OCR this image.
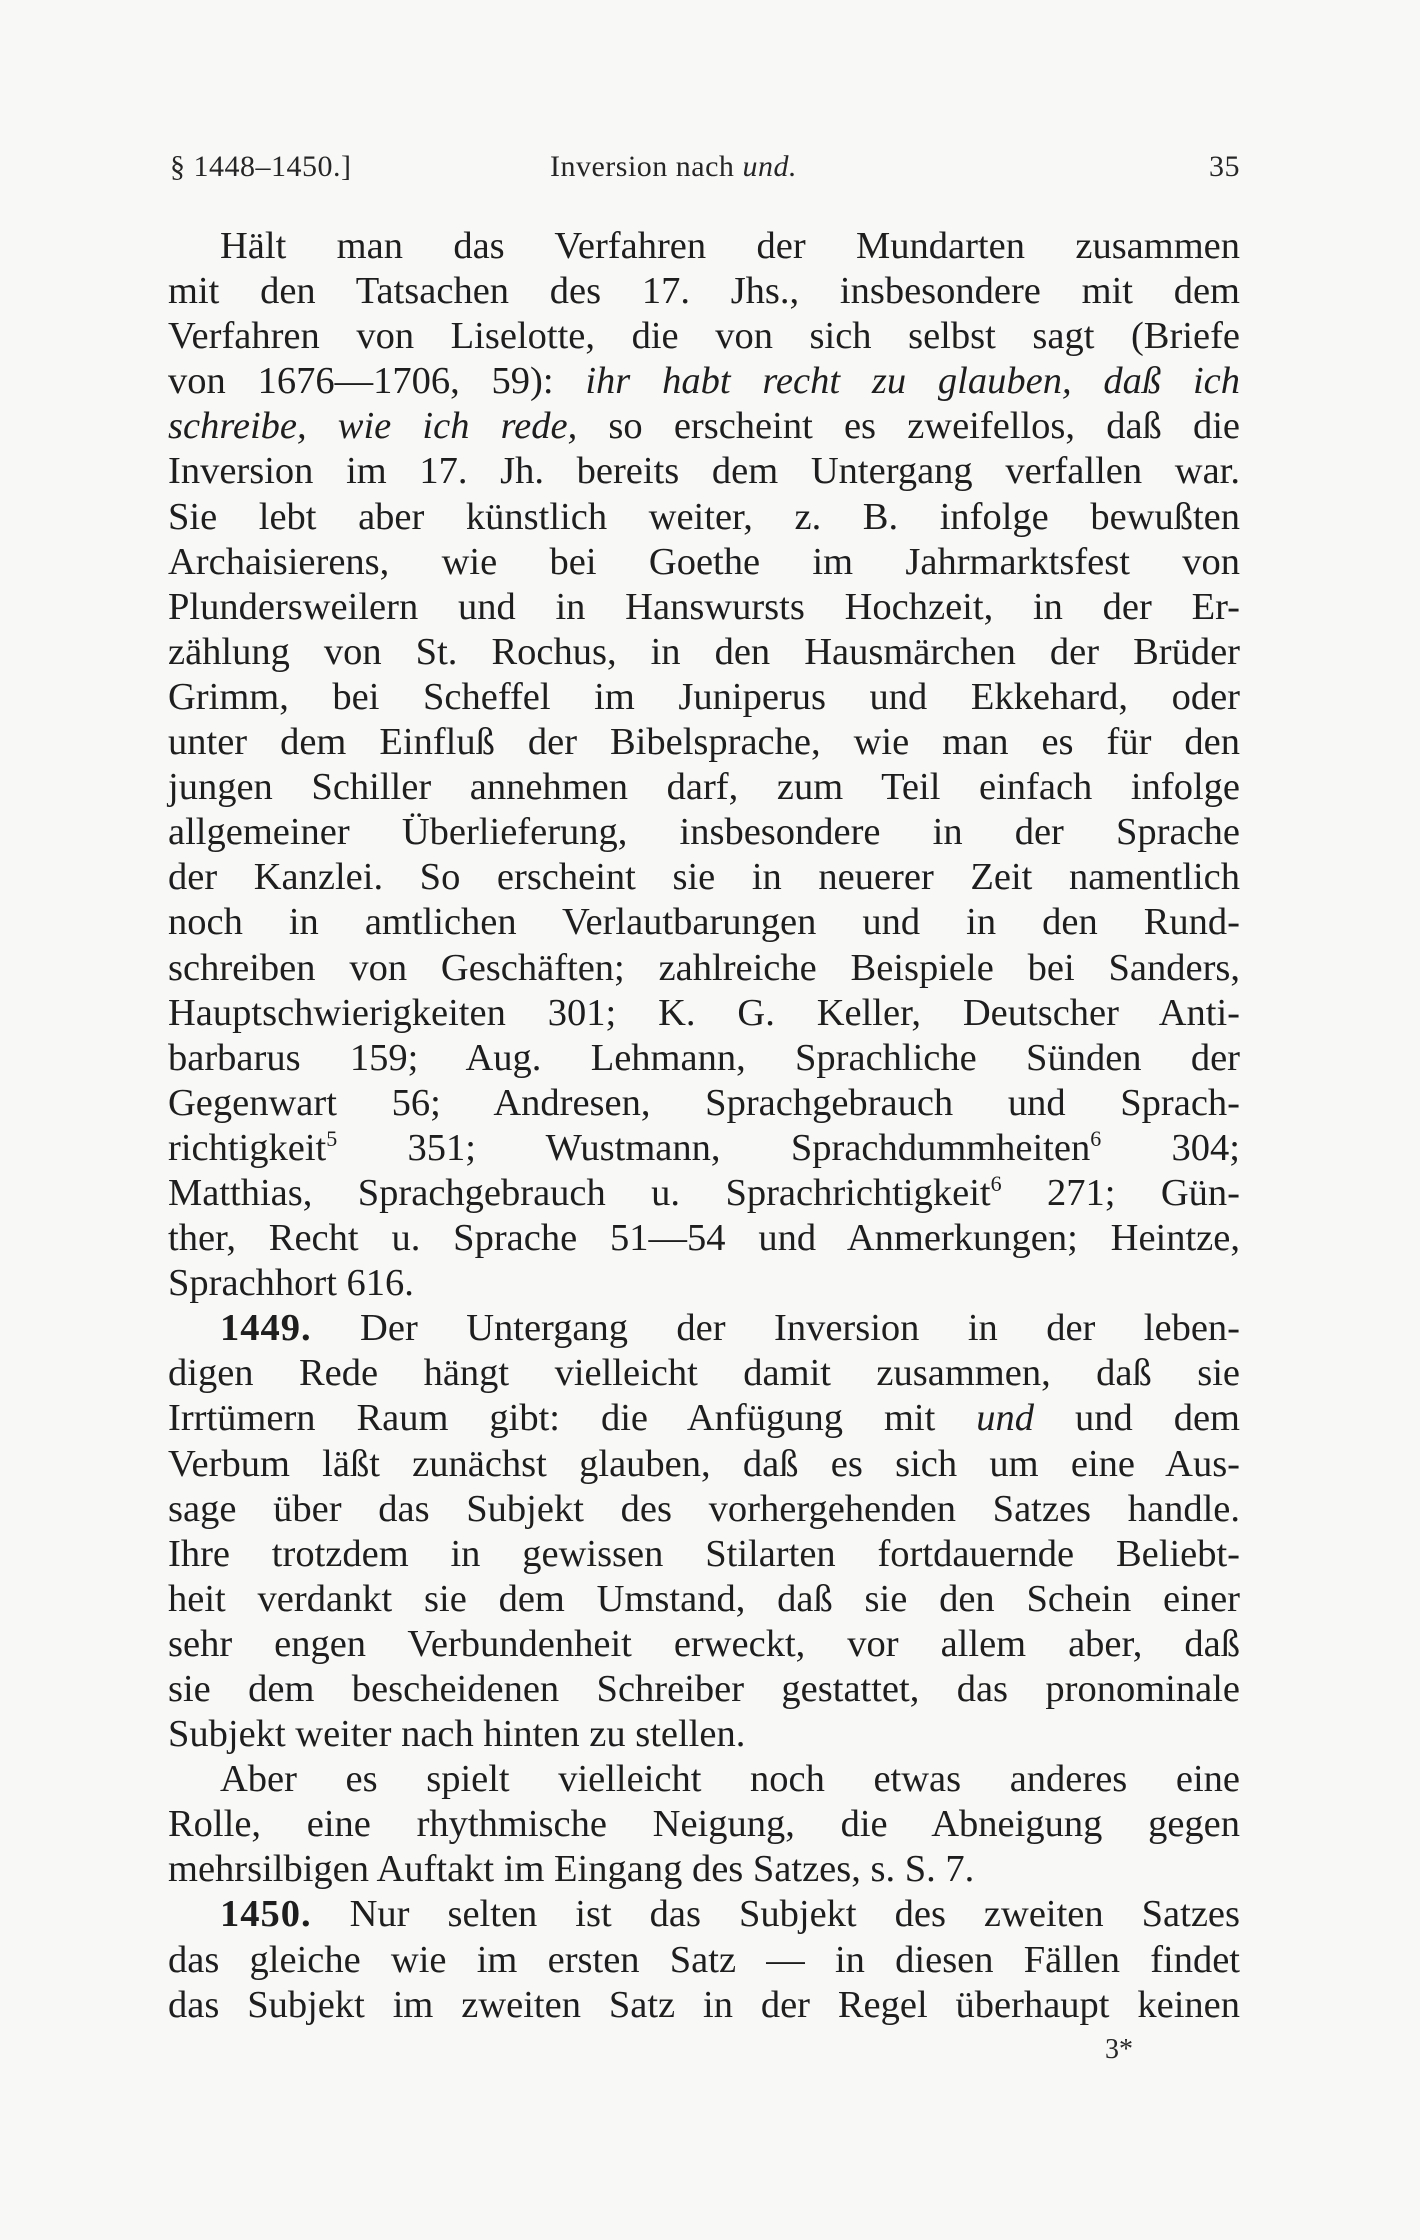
§ 1448–1450.]	Inversion nach und.	35
Hält man das Verfahren der Mundarten zusammen
mit den Tatsachen des 17. Jhs., insbesondere mit dem
Verfahren von Liselotte, die von sich selbst sagt (Briefe
von 1676—1706, 59): ihr habt recht zu glauben, daß ich
schreibe, wie ich rede, so erscheint es zweifellos, daß die
Inversion im 17. Jh. bereits dem Untergang verfallen war.
Sie lebt aber künstlich weiter, z. B. infolge bewußten
Archaisierens, wie bei Goethe im Jahrmarktsfest von
Plundersweilern und in Hanswursts Hochzeit, in der Er-
zählung von St. Rochus, in den Hausmärchen der Brüder
Grimm, bei Scheffel im Juniperus und Ekkehard, oder
unter dem Einfluß der Bibelsprache, wie man es für den
jungen Schiller annehmen darf, zum Teil einfach infolge
allgemeiner Überlieferung, insbesondere in der Sprache
der Kanzlei. So erscheint sie in neuerer Zeit namentlich
noch in amtlichen Verlautbarungen und in den Rund-
schreiben von Geschäften; zahlreiche Beispiele bei Sanders,
Hauptschwierigkeiten 301; K. G. Keller, Deutscher Anti-
barbarus 159; Aug. Lehmann, Sprachliche Sünden der
Gegenwart 56; Andresen, Sprachgebrauch und Sprach-
richtigkeit$^5$ 351; Wustmann, Sprachdummheiten$^6$ 304;
Matthias, Sprachgebrauch u. Sprachrichtigkeit$^6$ 271; Gün-
ther, Recht u. Sprache 51—54 und Anmerkungen; Heintze,
Sprachhort 616.
1449. Der Untergang der Inversion in der leben-
digen Rede hängt vielleicht damit zusammen, daß sie
Irrtümern Raum gibt: die Anfügung mit und und dem
Verbum läßt zunächst glauben, daß es sich um eine Aus-
sage über das Subjekt des vorhergehenden Satzes handle.
Ihre trotzdem in gewissen Stilarten fortdauernde Beliebt-
heit verdankt sie dem Umstand, daß sie den Schein einer
sehr engen Verbundenheit erweckt, vor allem aber, daß
sie dem bescheidenen Schreiber gestattet, das pronominale
Subjekt weiter nach hinten zu stellen.
Aber es spielt vielleicht noch etwas anderes eine
Rolle, eine rhythmische Neigung, die Abneigung gegen
mehrsilbigen Auftakt im Eingang des Satzes, s. S. 7.
1450. Nur selten ist das Subjekt des zweiten Satzes
das gleiche wie im ersten Satz — in diesen Fällen findet
das Subjekt im zweiten Satz in der Regel überhaupt keinen
3*
